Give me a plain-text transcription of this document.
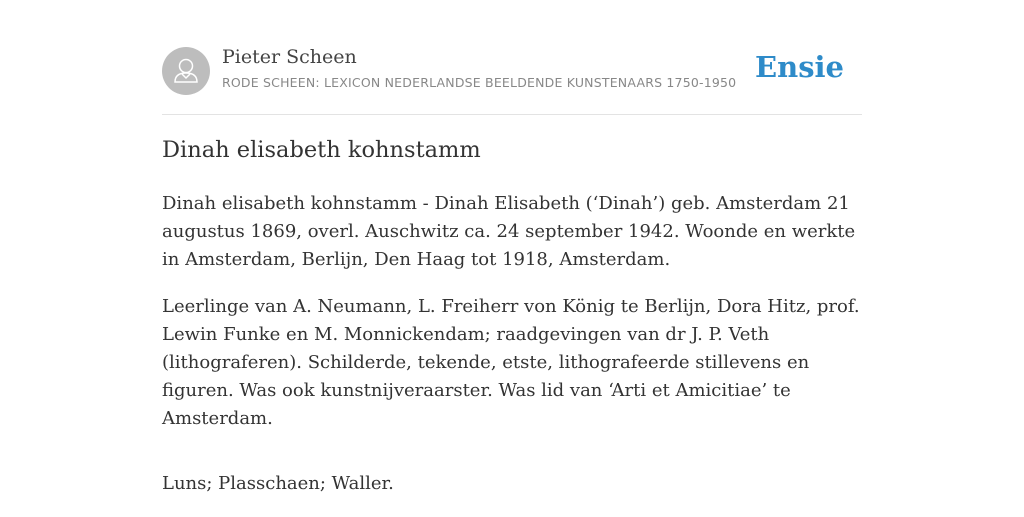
Pieter Scheen
RODE SCHEEN: LEXICON NEDERLANDSE BEELDENDE KUNSTENAARS 1750-1950 Ensie
Dinah elisabeth kohnstamm

Dinah elisabeth kohnstamm - Dinah Elisabeth (‘Dinah’) geb. Amsterdam 21 augustus 1869, overl. Auschwitz ca. 24 september 1942. Woonde en werkte in Amsterdam, Berlijn, Den Haag tot 1918, Amsterdam.

Leerlinge van A. Neumann, L. Freiherr von König te Berlijn, Dora Hitz, prof. Lewin Funke en M. Monnickendam; raadgevingen van dr J. P. Veth (lithograferen). Schilderde, tekende, etste, lithografeerde stillevens en figuren. Was ook kunstnijveraarster. Was lid van ‘Arti et Amicitiae’ te Amsterdam.

Luns; Plasschaen; Waller.
